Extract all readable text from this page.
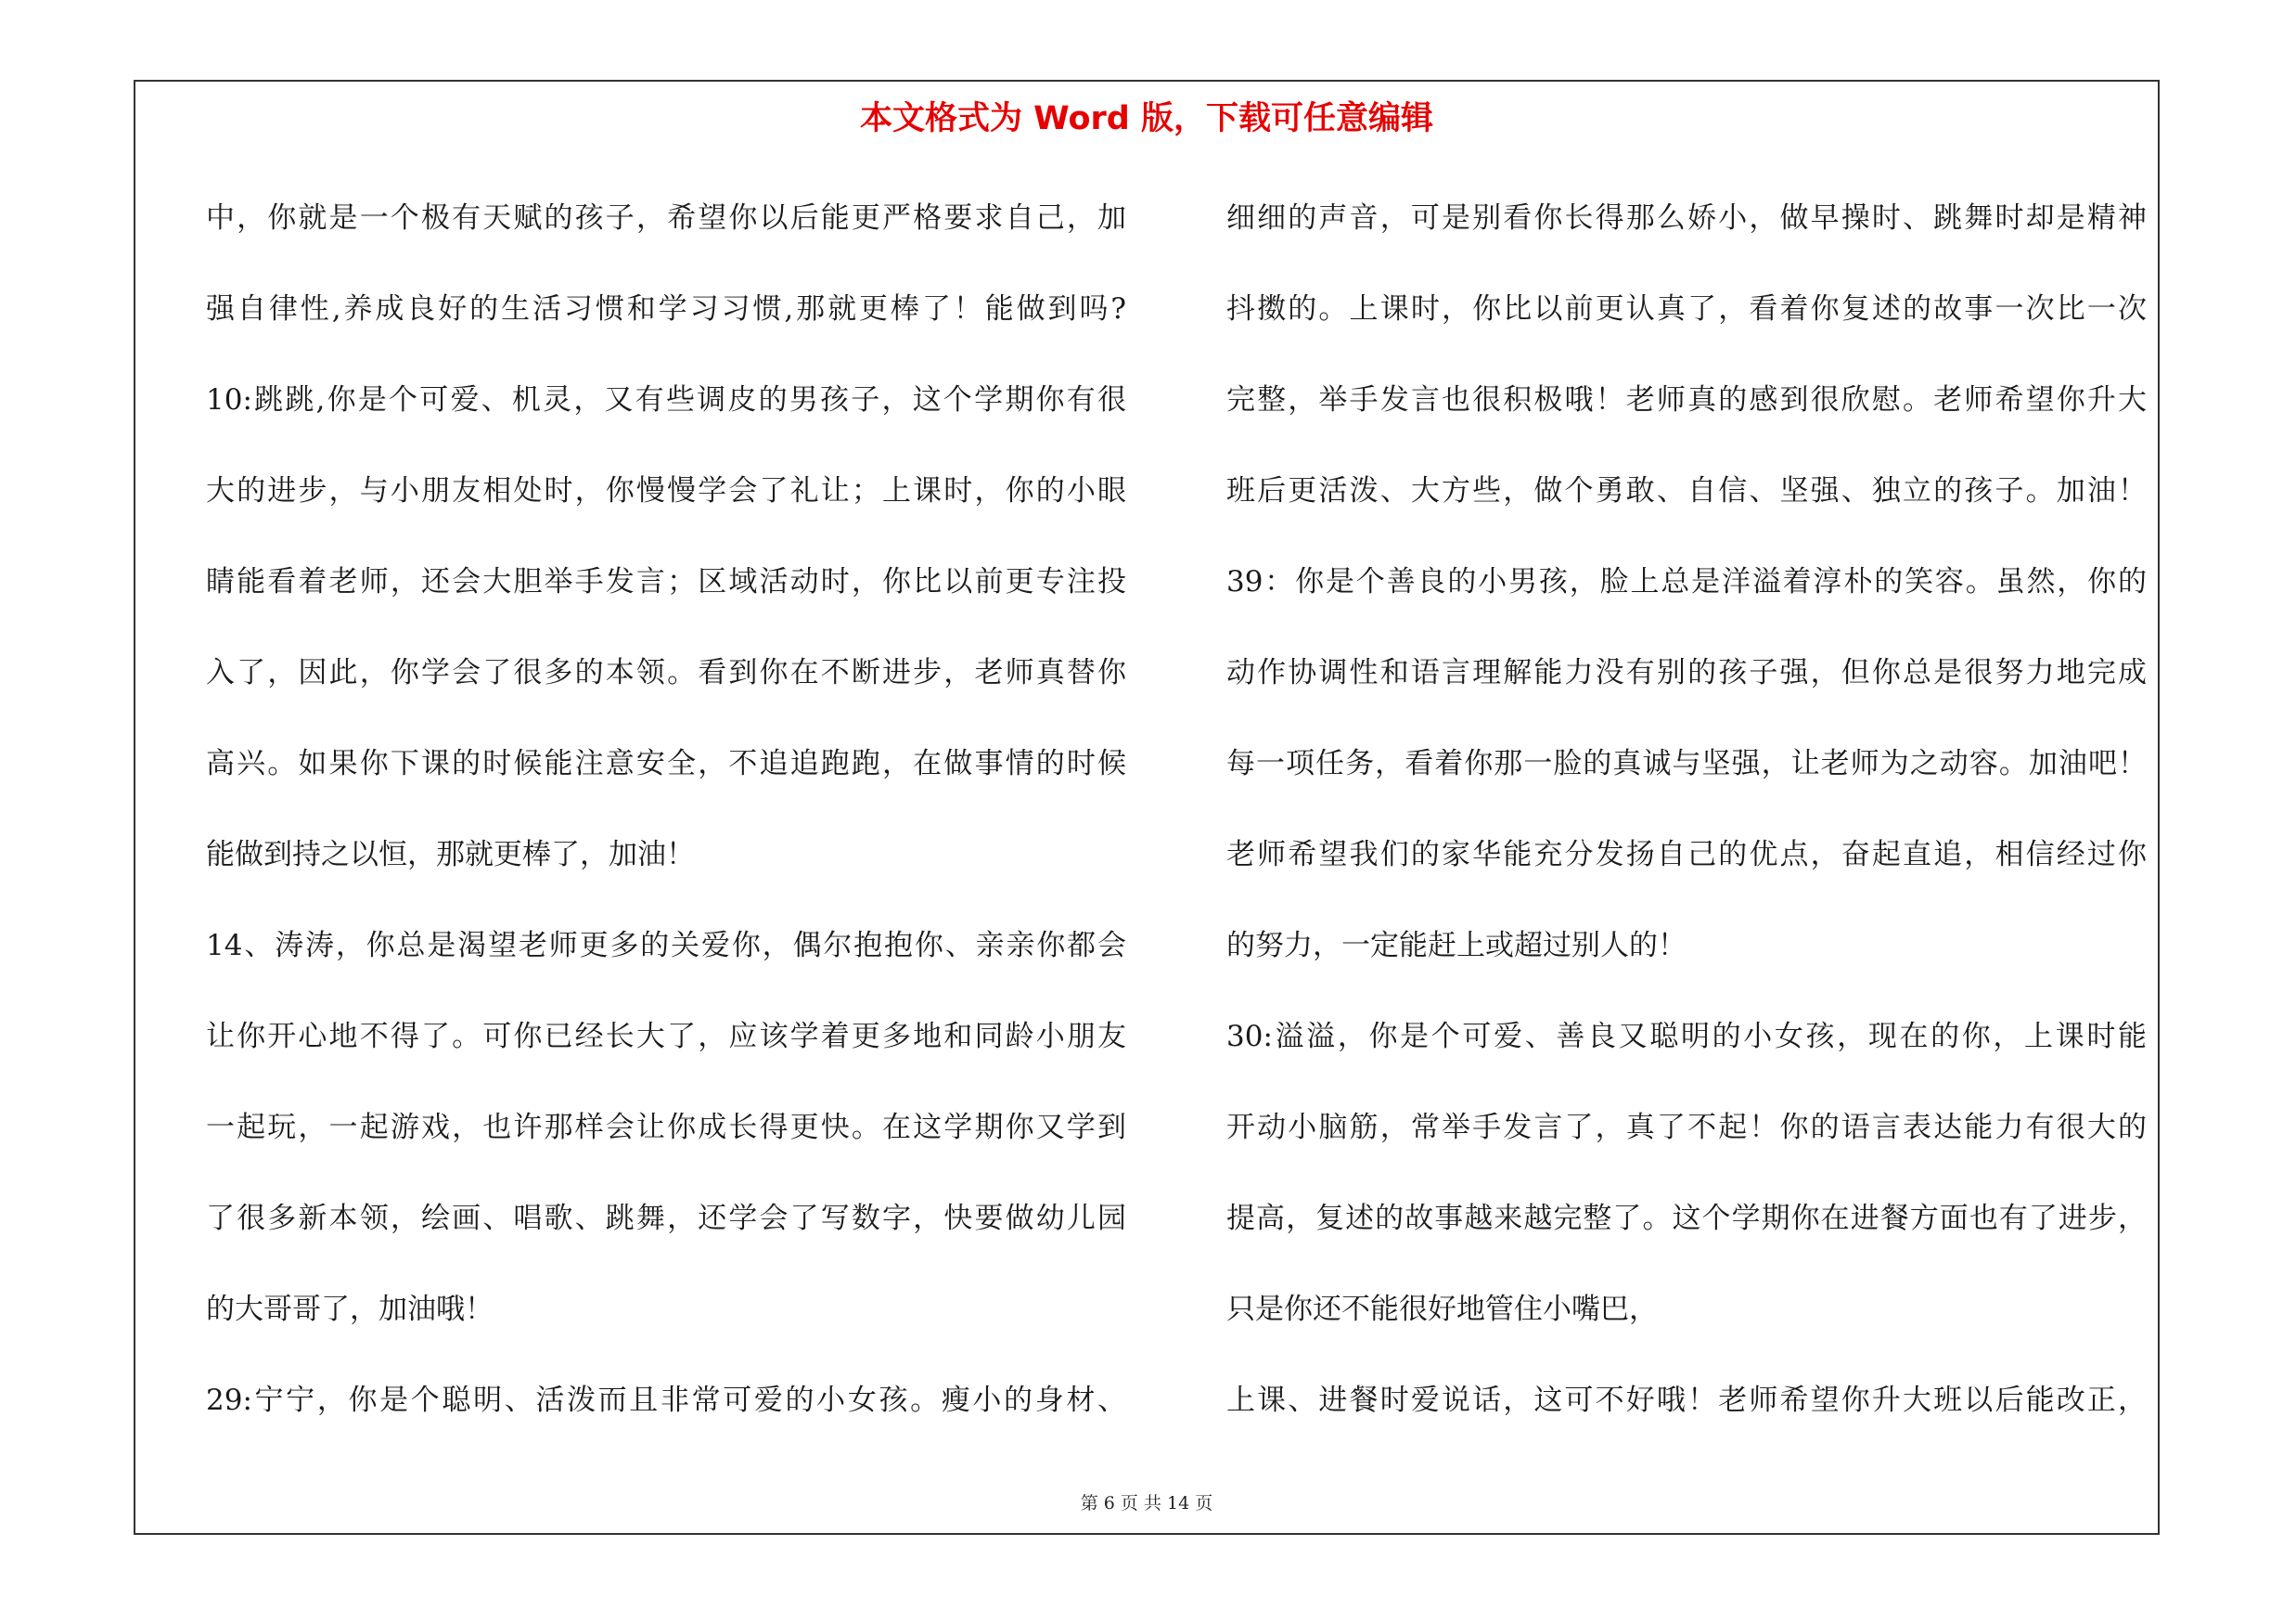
本文格式为 Word 版，下载可任意编辑
中，你就是一个极有天赋的孩子，希望你以后能更严格要求自己，加
强自律性,养成良好的生活习惯和学习习惯,那就更棒了！能做到吗?
10:跳跳,你是个可爱、机灵，又有些调皮的男孩子，这个学期你有很
大的进步，与小朋友相处时，你慢慢学会了礼让；上课时，你的小眼
睛能看着老师，还会大胆举手发言；区域活动时，你比以前更专注投
入了，因此，你学会了很多的本领。看到你在不断进步，老师真替你
高兴。如果你下课的时候能注意安全，不追追跑跑，在做事情的时候
能做到持之以恒，那就更棒了，加油！
14、涛涛，你总是渴望老师更多的关爱你，偶尔抱抱你、亲亲你都会
让你开心地不得了。可你已经长大了，应该学着更多地和同龄小朋友
一起玩，一起游戏，也许那样会让你成长得更快。在这学期你又学到
了很多新本领，绘画、唱歌、跳舞，还学会了写数字，快要做幼儿园
的大哥哥了，加油哦！
29:宁宁，你是个聪明、活泼而且非常可爱的小女孩。瘦小的身材、
细细的声音，可是别看你长得那么娇小，做早操时、跳舞时却是精神
抖擞的。上课时，你比以前更认真了，看着你复述的故事一次比一次
完整，举手发言也很积极哦！老师真的感到很欣慰。老师希望你升大
班后更活泼、大方些，做个勇敢、自信、坚强、独立的孩子。加油！
39：你是个善良的小男孩，脸上总是洋溢着淳朴的笑容。虽然，你的
动作协调性和语言理解能力没有别的孩子强，但你总是很努力地完成
每一项任务，看着你那一脸的真诚与坚强，让老师为之动容。加油吧！
老师希望我们的家华能充分发扬自己的优点，奋起直追，相信经过你
的努力，一定能赶上或超过别人的！
30:溢溢，你是个可爱、善良又聪明的小女孩，现在的你，上课时能
开动小脑筋，常举手发言了，真了不起！你的语言表达能力有很大的
提高，复述的故事越来越完整了。这个学期你在进餐方面也有了进步，
只是你还不能很好地管住小嘴巴，
上课、进餐时爱说话，这可不好哦！老师希望你升大班以后能改正，
第 6 页 共 14 页
